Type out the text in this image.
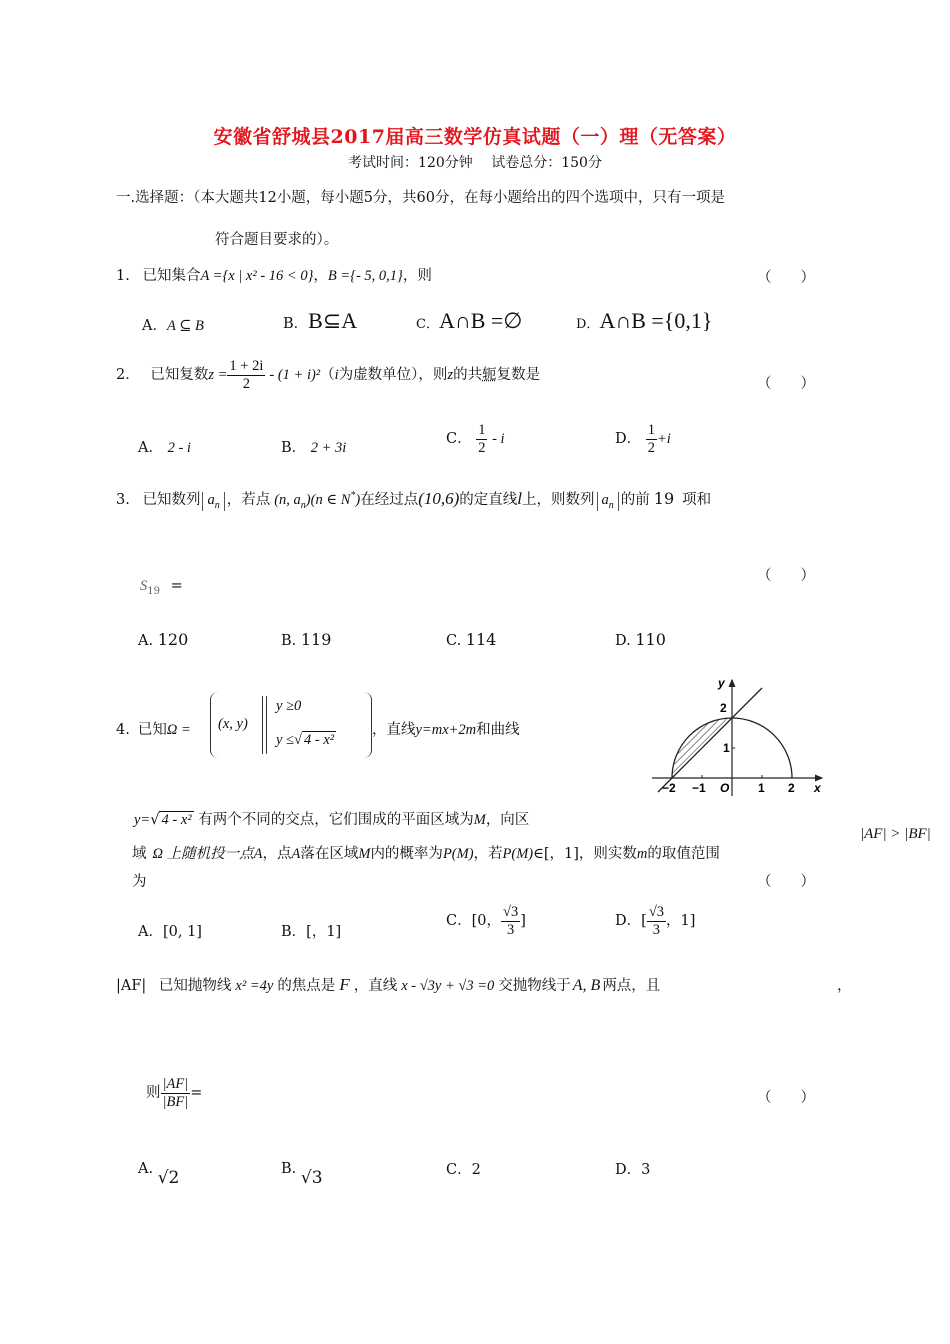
安徽省舒城县2017届高三数学仿真试题（一）理（无答案）
考试时间：120分钟　 试卷总分：150分
一.选择题：（本大题共12小题，每小题5分，共60分，在每小题给出的四个选项中，只有一项是
符合题目要求的）。
1. 已知集合A ={x | x² - 16 < 0}，B ={- 5, 0,1}，则	（　　）
A．A ⊆ B	B．B⊆A	C．A∩B =∅	D．A∩B ={0,1}
2． 已知复数$z = \frac{1 + 2i}{2} - (1 + i)^2(i$为虚数单位），则z的共轭复数是
（　　）
A． 2 - i	B． 2 + 3i
C． $\frac{1}{2}$ - i	D． $\frac{1}{2} +i$
3. 已知数列 $a_n$ ，若点 (n, $a_n)(n$ ∈ N*)在经过点(10,6)的定直线l上，则数列 $a_n$ 的前 19 项和
$S_{19}$ =
（　　）
A. 120	B. 119	C. 114	D. 110
4. 已知Ω = (x, y)
y ≥0
y ≤√ 4 - x²
，直线y=mx+2m和曲线
y=√ 4 - x² 有两个不同的交点，它们围成的平面区域为M，向区
域 Ω 上随机投一点A，点A落在区域M内的概率为P(M)，若P(M)∈[，1]，则实数m的取值范围
为
|AF| > |BF|
（　　）
A．[0, 1]	B．[，1]
C．[0， $\frac{√3}{3}$ ]	D．[ $\frac{√3}{3}$ ，1]
y
x
O
−2 −1	1 2
1
2
|AF| 已知抛物线 x² =4y 的焦点是 F ，直线 x - √3y + √3 =0 交抛物线于 A, B 两点，且	，
则 $\frac{|AF|}{|BF|}$ =	（　　）
A. √2	B. √3	C．2	D．3
